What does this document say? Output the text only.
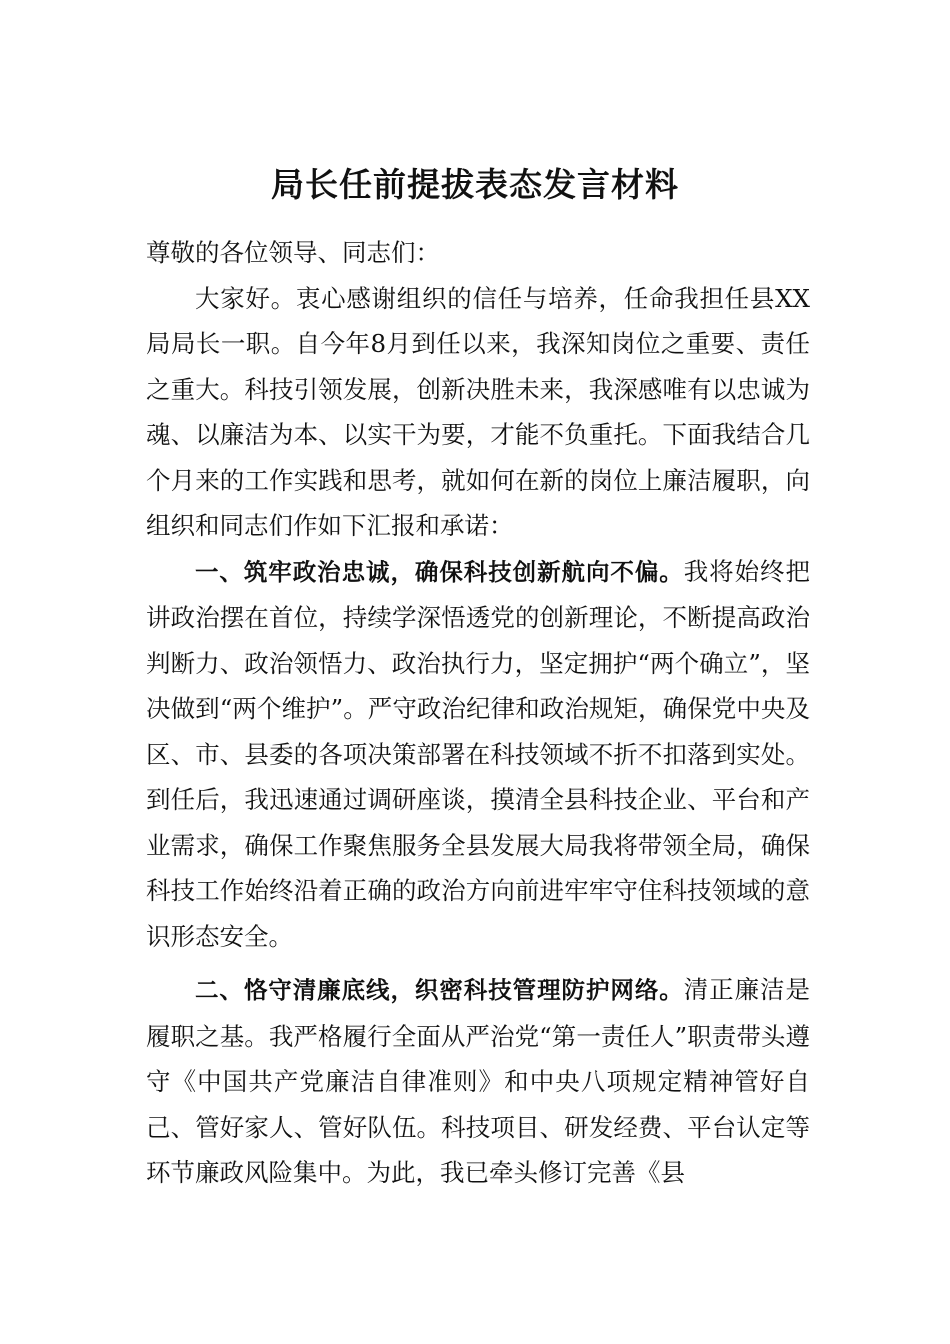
局长任前提拔表态发言材料

尊敬的各位领导、同志们：

大家好。衷心感谢组织的信任与培养，任命我担任县XX局局长一职。自今年8月到任以来，我深知岗位之重要、责任之重大。科技引领发展，创新决胜未来，我深感唯有以忠诚为魂、以廉洁为本、以实干为要，才能不负重托。下面我结合几个月来的工作实践和思考，就如何在新的岗位上廉洁履职，向组织和同志们作如下汇报和承诺：

一、筑牢政治忠诚，确保科技创新航向不偏。我将始终把讲政治摆在首位，持续学深悟透党的创新理论，不断提高政治判断力、政治领悟力、政治执行力，坚定拥护“两个确立”，坚决做到“两个维护”。严守政治纪律和政治规矩，确保党中央及区、市、县委的各项决策部署在科技领域不折不扣落到实处。到任后，我迅速通过调研座谈，摸清全县科技企业、平台和产业需求，确保工作聚焦服务全县发展大局我将带领全局，确保科技工作始终沿着正确的政治方向前进牢牢守住科技领域的意识形态安全。

二、恪守清廉底线，织密科技管理防护网络。清正廉洁是履职之基。我严格履行全面从严治党“第一责任人”职责带头遵守《中国共产党廉洁自律准则》和中央八项规定精神管好自己、管好家人、管好队伍。科技项目、研发经费、平台认定等环节廉政风险集中。为此，我已牵头修订完善《县
